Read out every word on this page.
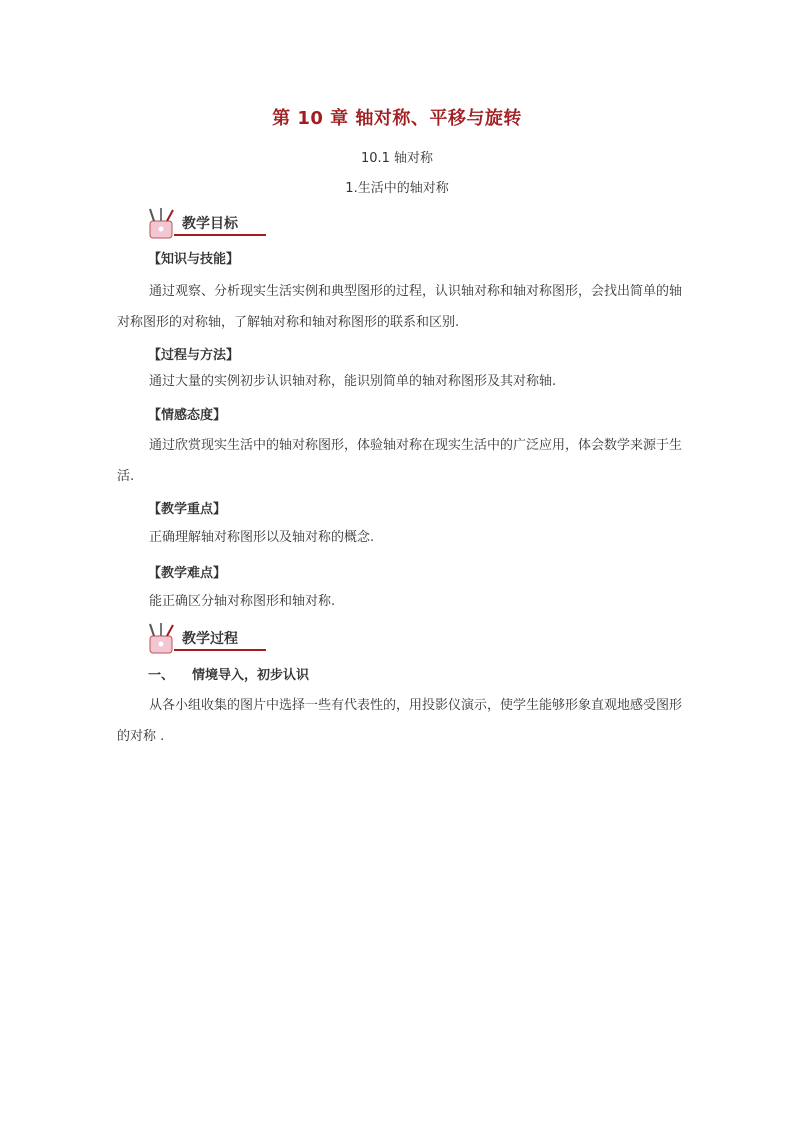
第 10 章 轴对称、平移与旋转
10.1 轴对称
1.生活中的轴对称
教学目标
【知识与技能】
通过观察、分析现实生活实例和典型图形的过程，认识轴对称和轴对称图形，会找出简单的轴对称图形的对称轴，了解轴对称和轴对称图形的联系和区别.
【过程与方法】
通过大量的实例初步认识轴对称，能识别简单的轴对称图形及其对称轴.
【情感态度】
通过欣赏现实生活中的轴对称图形，体验轴对称在现实生活中的广泛应用，体会数学来源于生活.
【教学重点】
正确理解轴对称图形以及轴对称的概念.
【教学难点】
能正确区分轴对称图形和轴对称.
教学过程
一、 情境导入，初步认识
从各小组收集的图片中选择一些有代表性的，用投影仪演示，使学生能够形象直观地感受图形的对称 .
